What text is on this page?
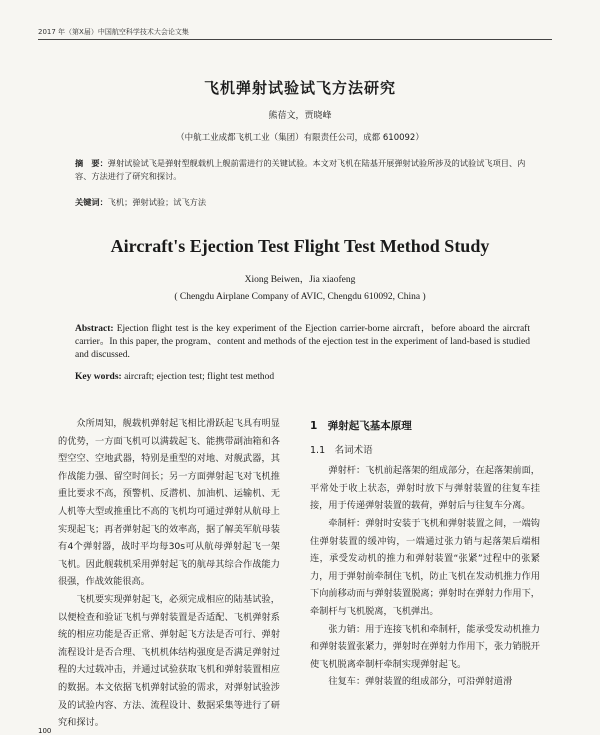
2017 年（第X届）中国航空科学技术大会论文集
飞机弹射试验试飞方法研究
熊蓓文，贾晓峰
（中航工业成都飞机工业（集团）有限责任公司，成都 610092）
摘　要：弹射试验试飞是弹射型舰载机上舰前需进行的关键试验。本文对飞机在陆基开展弹射试验所涉及的试验试飞项目、内容、方法进行了研究和探讨。
关键词：飞机；弹射试验；试飞方法
Aircraft's Ejection Test Flight Test Method Study
Xiong Beiwen，Jia xiaofeng
( Chengdu Airplane Company of AVIC, Chengdu 610092, China )
Abstract: Ejection flight test is the key experiment of the Ejection carrier-borne aircraft，before aboard the aircraft carrier。In this paper, the program、content and methods of the ejection test in the experiment of land-based is studied and discussed.
Key words: aircraft; ejection test; flight test method

众所周知，舰载机弹射起飞相比滑跃起飞具有明显的优势，一方面飞机可以满载起飞、能携带副油箱和各型空空、空地武器，特别是重型的对地、对舰武器，其作战能力强、留空时间长；另一方面弹射起飞对飞机推重比要求不高，预警机、反潜机、加油机、运输机、无人机等大型或推重比不高的飞机均可通过弹射从航母上实现起飞；再者弹射起飞的效率高，据了解美军航母装有4个弹射器，战时平均每30s可从航母弹射起飞一架飞机。因此舰载机采用弹射起飞的航母其综合作战能力很强，作战效能很高。

飞机要实现弹射起飞，必须完成相应的陆基试验，以便检查和验证飞机与弹射装置是否适配、飞机弹射系统的相应功能是否正常、弹射起飞方法是否可行、弹射流程设计是否合理、飞机机体结构强度是否满足弹射过程的大过载冲击，并通过试验获取飞机和弹射装置相应的数据。本文依据飞机弹射试验的需求，对弹射试验涉及的试验内容、方法、流程设计、数据采集等进行了研究和探讨。

1　弹射起飞基本原理
1.1　名词术语

弹射杆：飞机前起落架的组成部分，在起落架前面，平常处于收上状态，弹射时放下与弹射装置的往复车挂接，用于传递弹射装置的载荷，弹射后与往复车分离。

牵制杆：弹射时安装于飞机和弹射装置之间，一端钩住弹射装置的缓冲钩，一端通过张力销与起落架后端相连，承受发动机的推力和弹射装置“张紧”过程中的张紧力，用于弹射前牵制住飞机，防止飞机在发动机推力作用下向前移动而与弹射装置脱离；弹射时在弹射力作用下，牵制杆与飞机脱离，飞机弹出。

张力销：用于连接飞机和牵制杆，能承受发动机推力和弹射装置张紧力，弹射时在弹射力作用下，张力销脱开使飞机脱离牵制杆牵制实现弹射起飞。

往复车：弹射装置的组成部分，可沿弹射道滑

100
